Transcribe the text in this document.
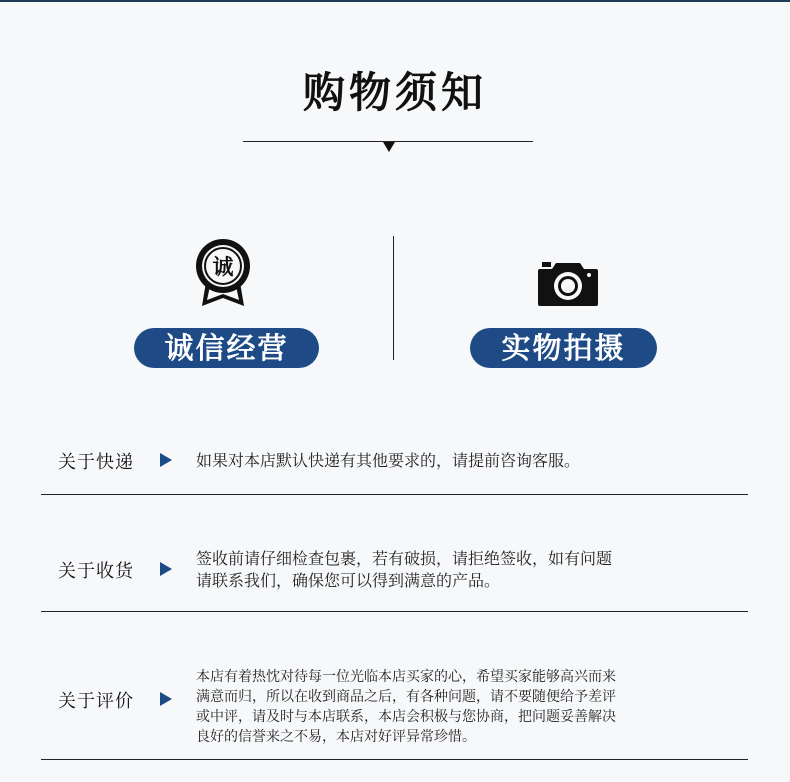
购物须知
诚
诚信经营	实物拍摄
关于快递	如果对本店默认快递有其他要求的，请提前咨询客服。

关于收货

签收前请仔细检查包裹，若有破损，请拒绝签收，如有问题

请联系我们，确保您可以得到满意的产品。

关于评价

本店有着热忱对待每一位光临本店买家的心，希望买家能够高兴而来

满意而归，所以在收到商品之后，有各种问题，请不要随便给予差评

或中评，请及时与本店联系，本店会积极与您协商，把问题妥善解决

良好的信誉来之不易，本店对好评异常珍惜。
